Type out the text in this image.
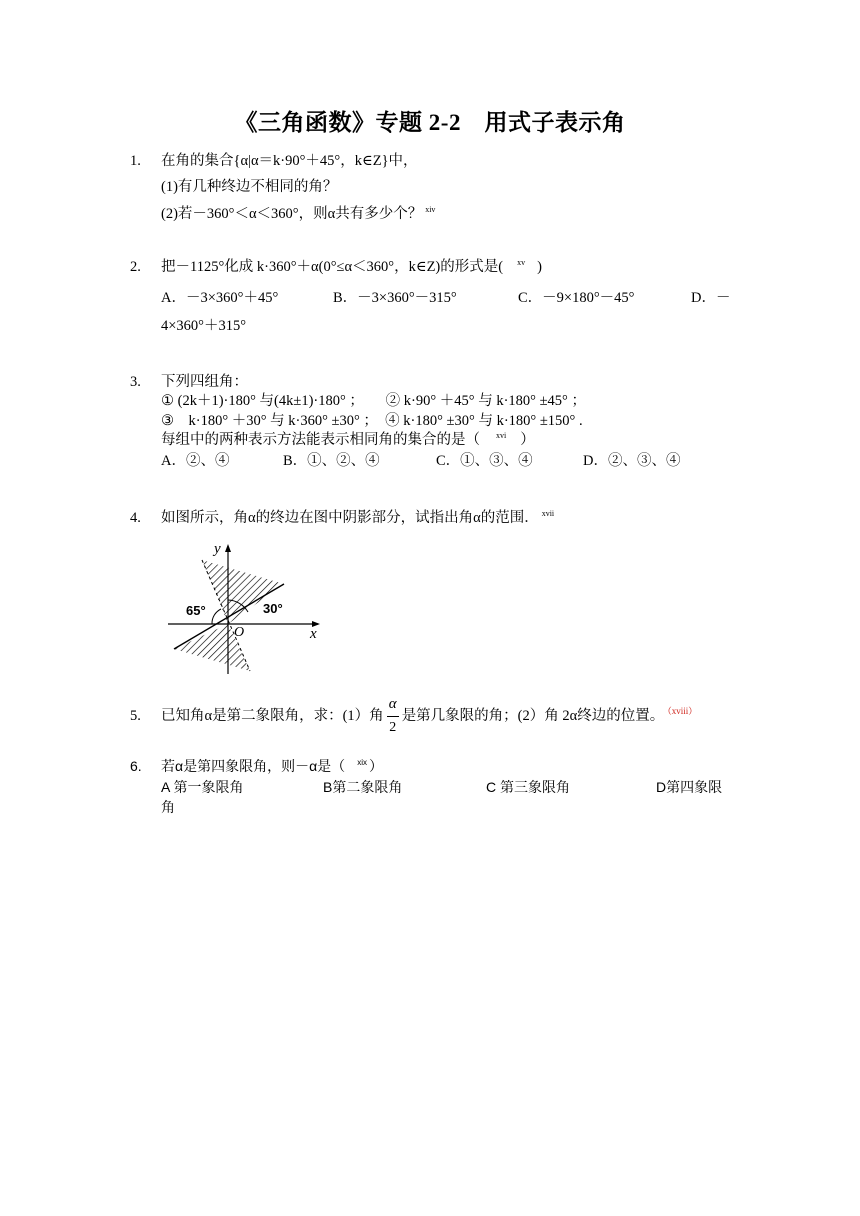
《三角函数》专题 2-2　用式子表示角
1.	在角的集合{α|α＝k·90°＋45°，k∈Z}中，
(1)有几种终边不相同的角？
(2)若－360°＜α＜360°，则α共有多少个？ $^{xiv}$
2.	把－1125°化成 k·360°＋α(0°≤α＜360°，k∈Z)的形式是( $^{xv}$ )
A．－3×360°＋45°	B．－3×360°－315°	C．－9×180°－45°	D．－
4×360°＋315°
3.	下列四组角：
① (2k＋1)·180° 与(4k±1)·180° ；　　② k·90° ＋45° 与 k·180° ±45° ；
③　k·180° ＋30° 与 k·360° ±30° ；　④ k·180° ±30° 与 k·180° ±150° .
每组中的两种表示方法能表示相同角的集合的是（ $^{xvi}$ ）
A．②、④	B．①、②、④	C．①、③、④	D．②、③、④
4.	如图所示，角α的终边在图中阴影部分，试指出角α的范围． $^{xvii}$
y
x
O
65°	30°
5.	已知角α是第二象限角，求：(1）角 $\frac{\alpha}{2}$ 是第几象限的角；(2）角 2α终边的位置。 $^{(xviii)}$
6.	若α是第四象限角，则－α是（ $^{xix}$ ）
A 第一象限角	B第二象限角	C 第三象限角	D第四象限
角
